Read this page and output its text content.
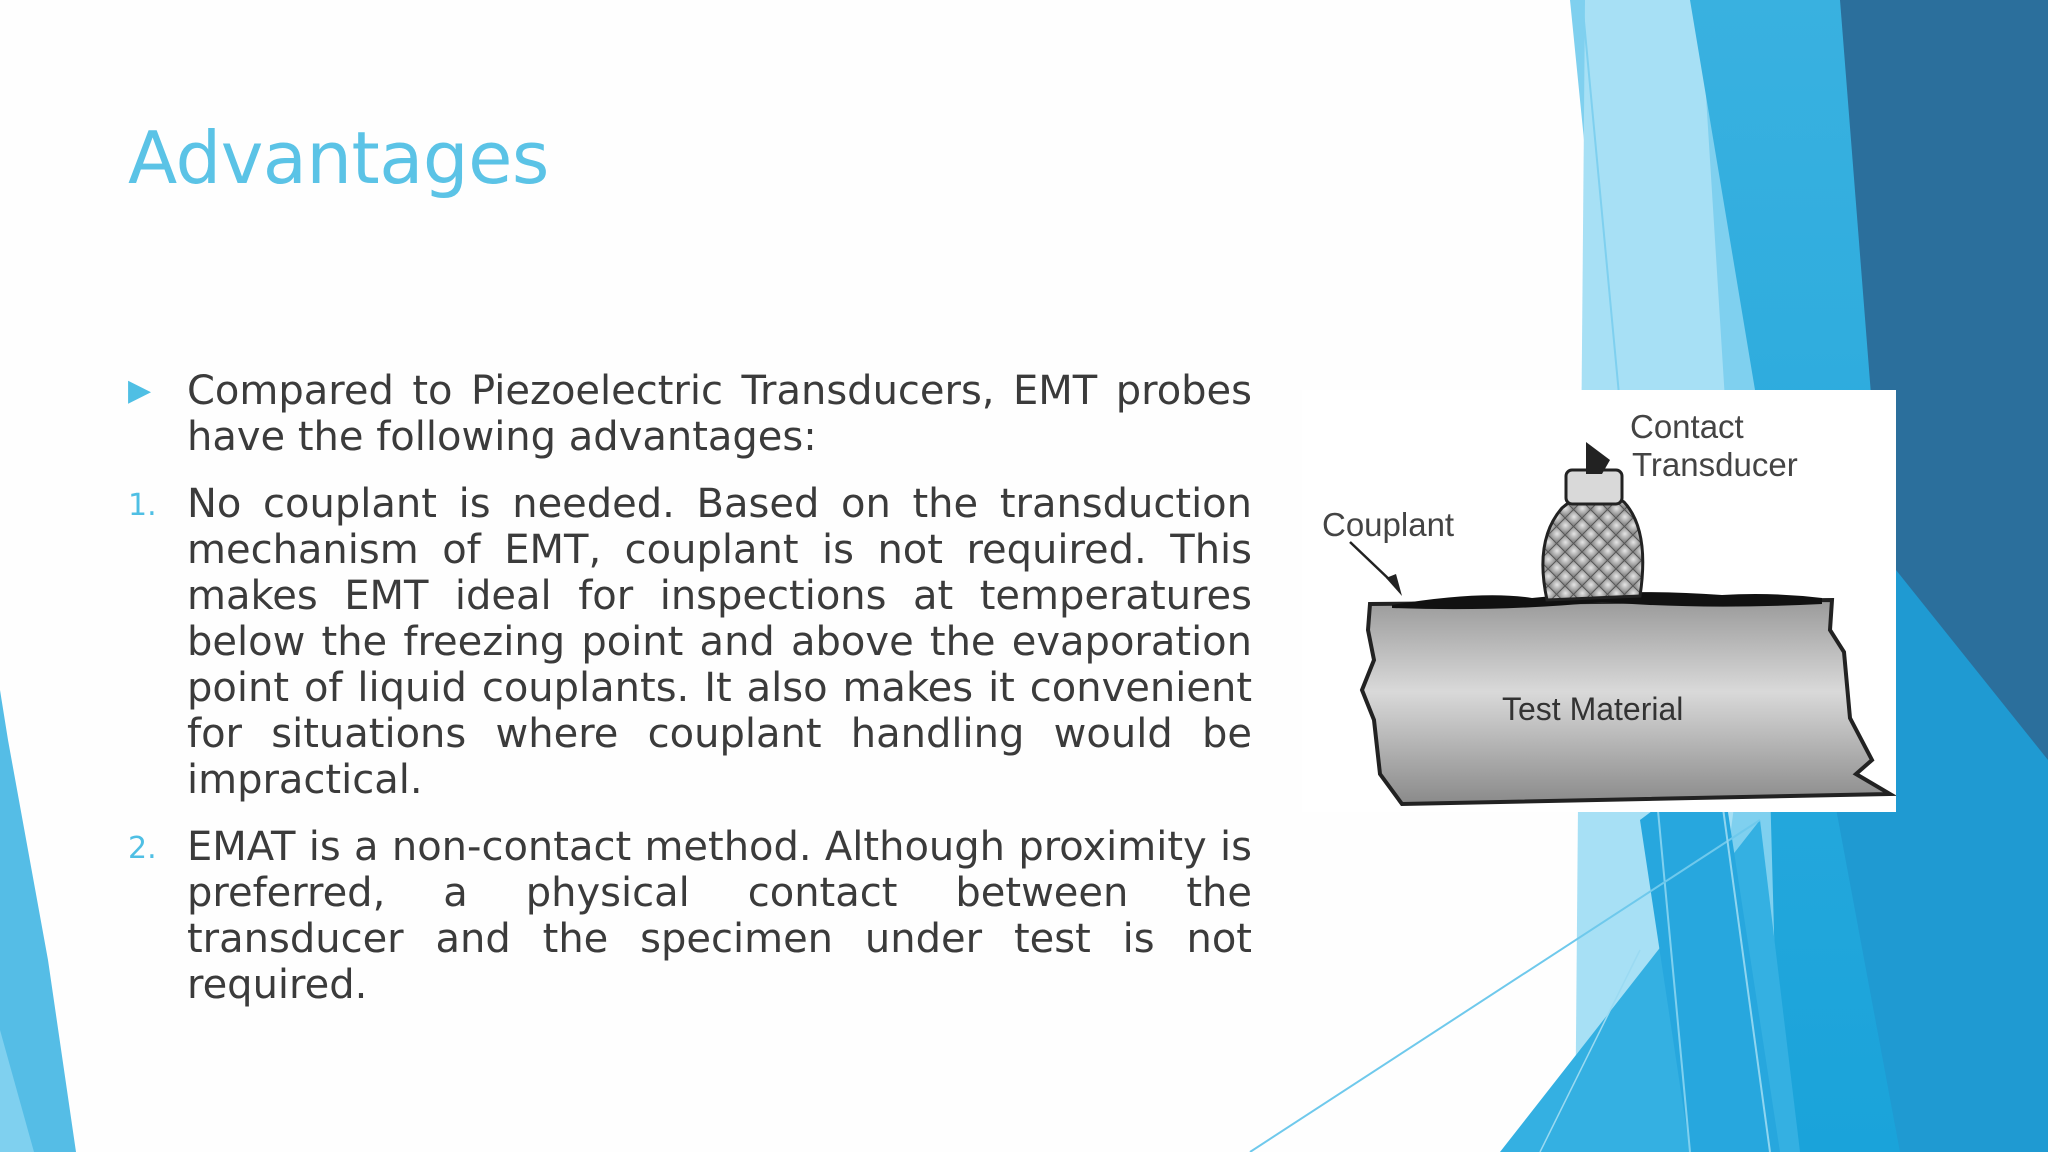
Advantages
▶ Compared to Piezoelectric Transducers, EMT probes have the following advantages:
1. No couplant is needed. Based on the transduction mechanism of EMT, couplant is not required. This makes EMT ideal for inspections at temperatures below the freezing point and above the evaporation point of liquid couplants. It also makes it convenient for situations where couplant handling would be impractical.
2. EMAT is a non-contact method. Although proximity is preferred, a physical contact between the transducer and the specimen under test is not required.
Contact
Transducer
Couplant
Test Material
